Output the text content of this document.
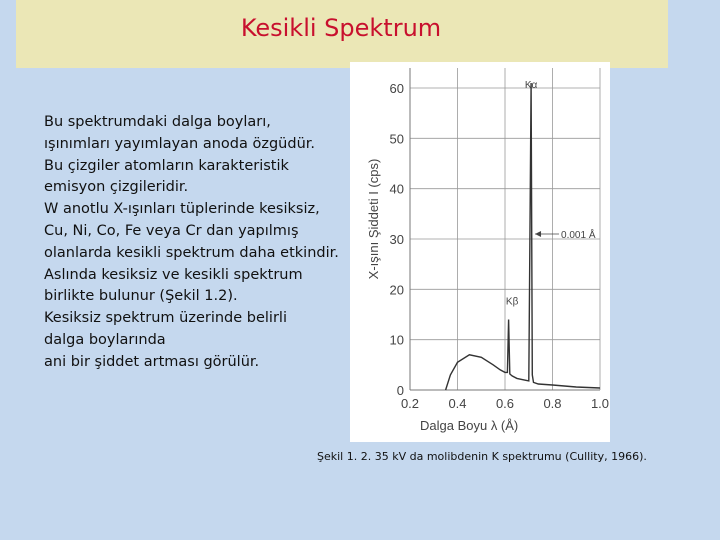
Kesikli Spektrum
Bu spektrumdaki dalga boyları,
ışınımları yayımlayan anoda özgüdür.
Bu çizgiler atomların karakteristik
emisyon çizgileridir.
W anotlu X-ışınları tüplerinde kesiksiz,
Cu, Ni, Co, Fe veya Cr dan yapılmış
olanlarda kesikli spektrum daha etkindir.
Aslında kesiksiz ve kesikli spektrum
birlikte bulunur (Şekil 1.2).
Kesiksiz spektrum üzerinde belirli
dalga boylarında
ani bir şiddet artması görülür.
0
10
20
30
40
50
60
0.2 0.4 0.6 0.8 1.0
Kα
Kβ
0.001 Å
X-ışını Şiddeti I (cps)
Dalga Boyu λ (Å)
Şekil 1. 2. 35 kV da molibdenin K spektrumu (Cullity, 1966).
